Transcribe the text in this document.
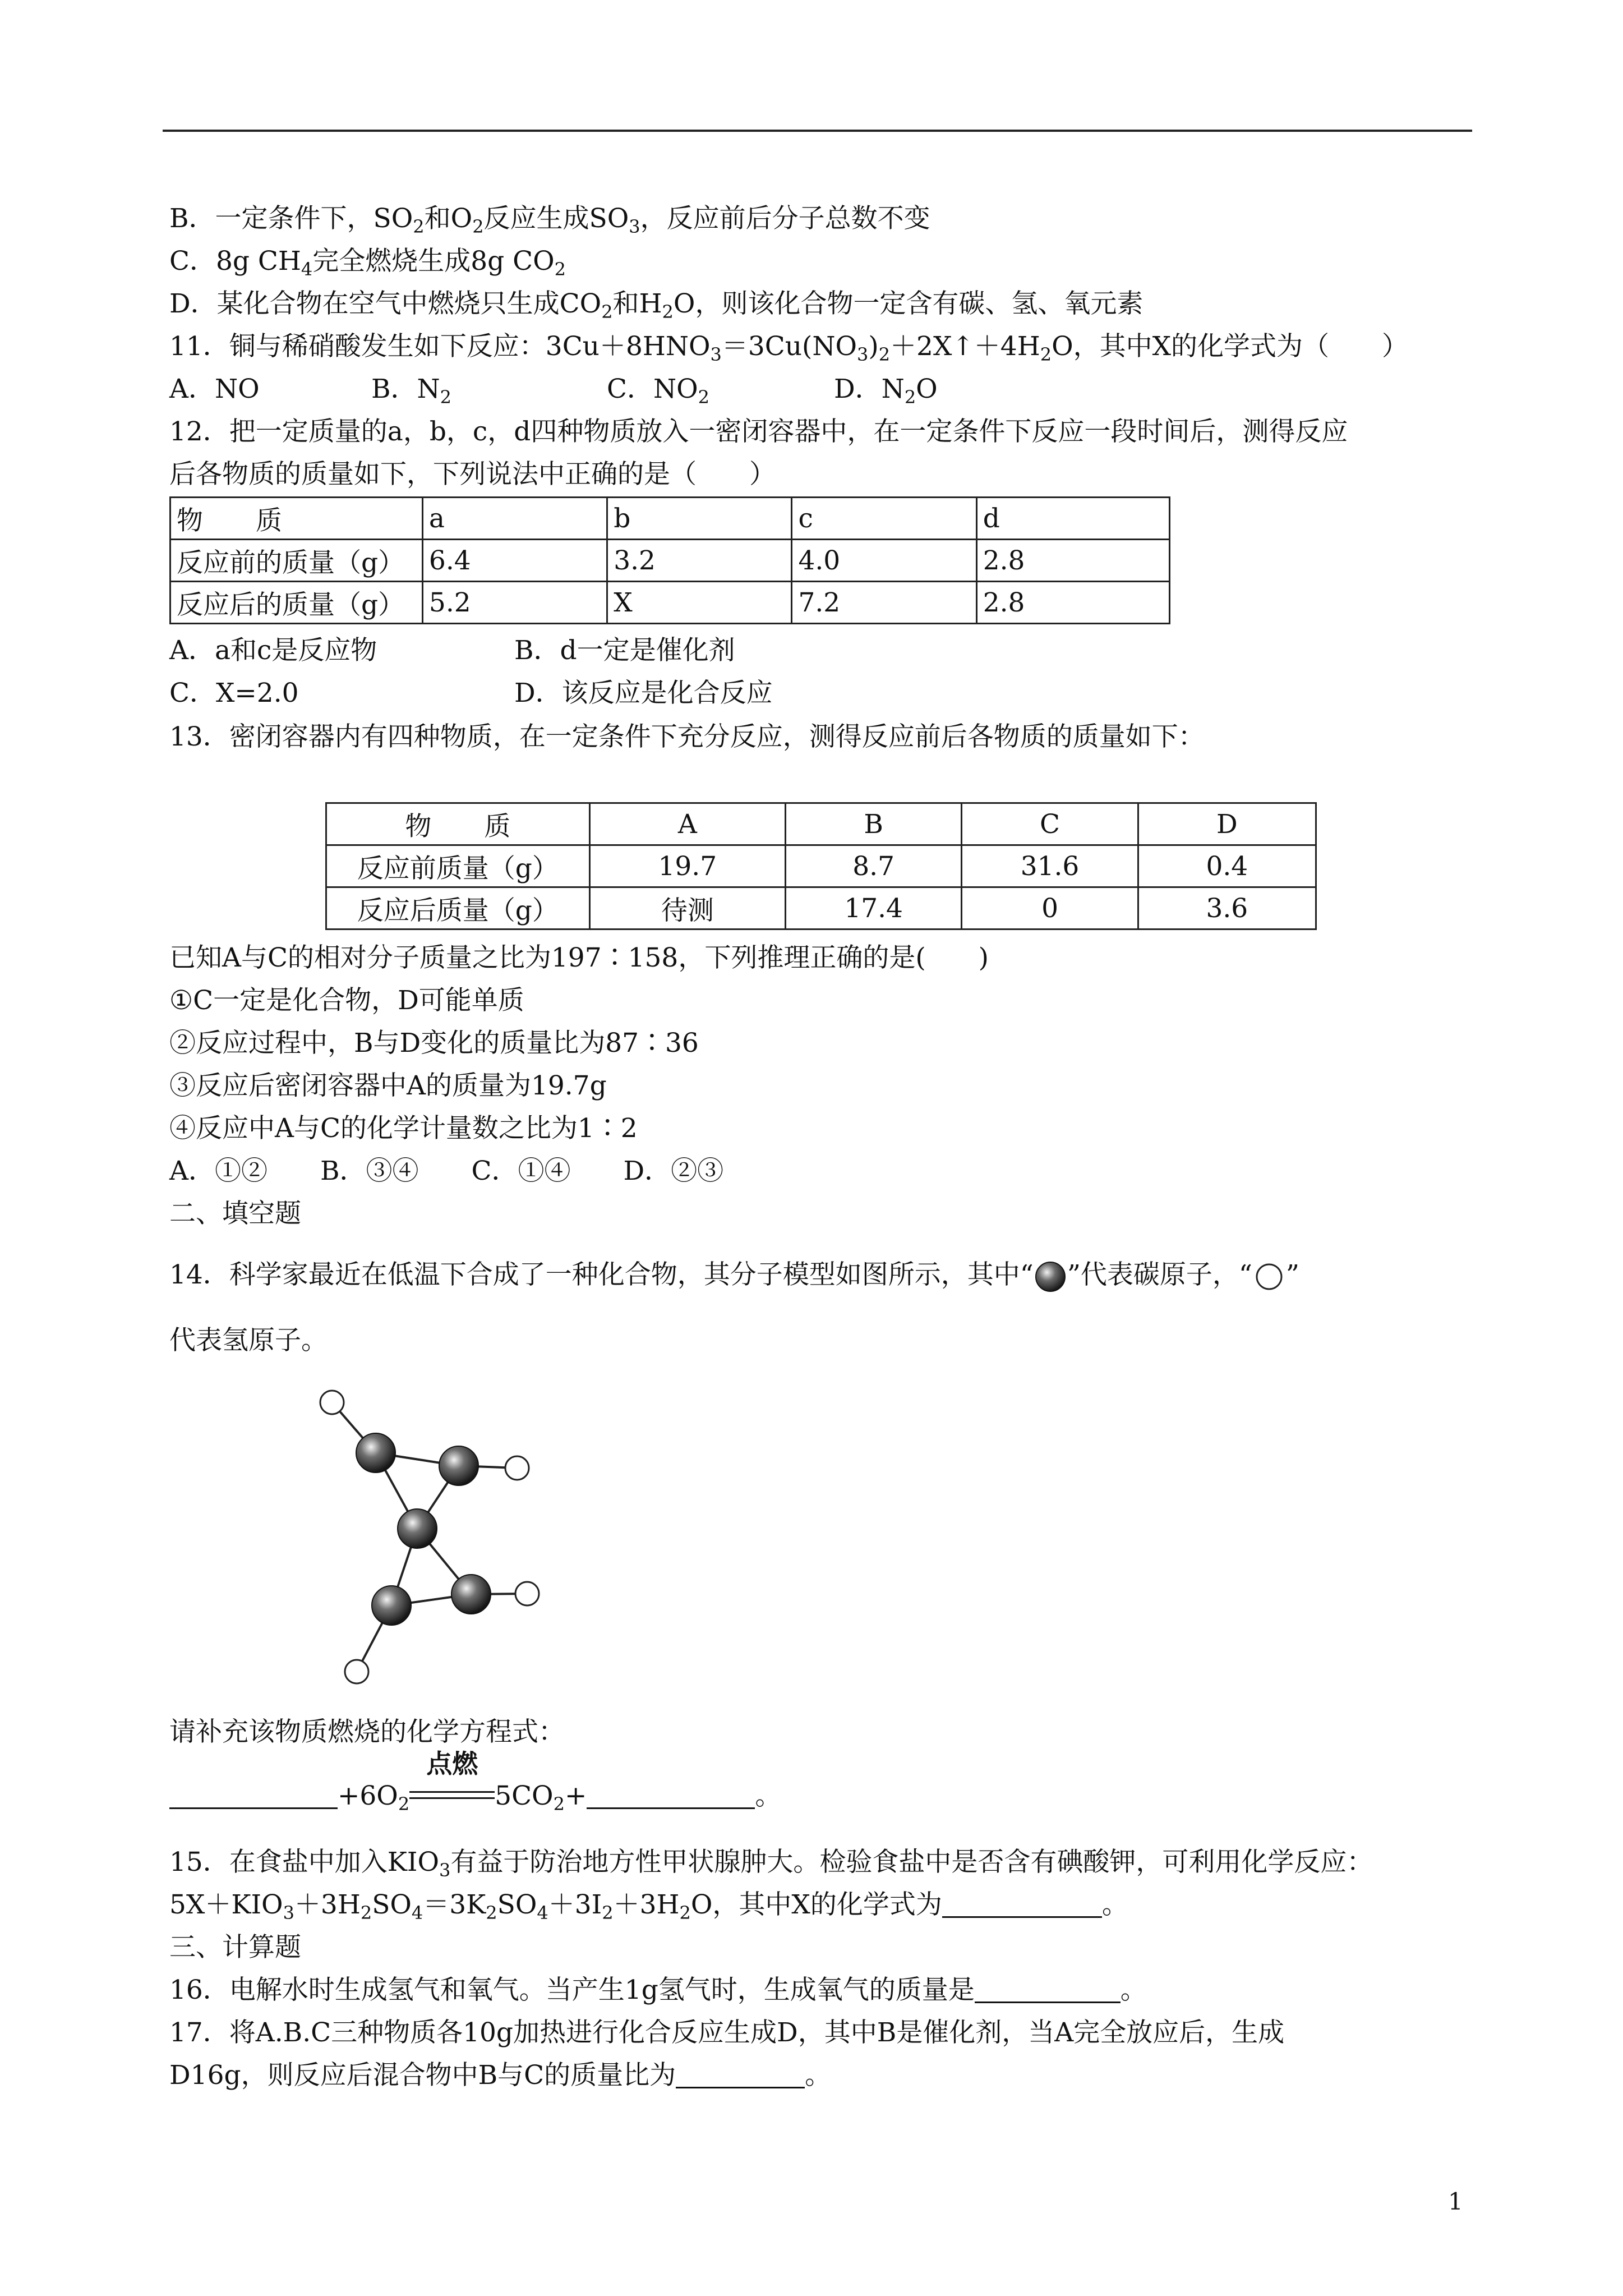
B．一定条件下，$SO_2$和$O_2$反应生成$SO_3$，反应前后分子总数不变
C．8g $CH_4$完全燃烧生成8g $CO_2$
D．某化合物在空气中燃烧只生成$CO_2$和$H_2O$，则该化合物一定含有碳、氢、氧元素
11．铜与稀硝酸发生如下反应：$3Cu+8HNO_3=3Cu(NO_3)_2+2X↑+4H_2O$，其中X的化学式为（　　）
A．NO	B．$N_2$	C．$NO_2$	D．$N_2O$
12．把一定质量的a，b，c，d四种物质放入一密闭容器中，在一定条件下反应一段时间后，测得反应
后各物质的质量如下，下列说法中正确的是（　　）
物　　质	a	b	c	d
反应前的质量（g）	6.4	3.2	4.0	2.8
反应后的质量（g）	5.2	X	7.2	2.8
A．a和c是反应物	B．d一定是催化剂
C．X=2.0	D．该反应是化合反应
13．密闭容器内有四种物质，在一定条件下充分反应，测得反应前后各物质的质量如下：
物　　质	A	B	C	D
反应前质量（g）	19.7	8.7	31.6	0.4
反应后质量（g）	待测	17.4	0	3.6
已知A与C的相对分子质量之比为197∶158，下列推理正确的是(　　)
①C一定是化合物，D可能单质
②反应过程中，B与D变化的质量比为87∶36
③反应后密闭容器中A的质量为19.7g
④反应中A与C的化学计量数之比为1∶2
A．①②　　B．③④　　C．①④　　D．②③
二、填空题
14．科学家最近在低温下合成了一种化合物，其分子模型如图所示，其中“ ”代表碳原子，“ ”
代表氢原子。
请补充该物质燃烧的化学方程式：
$+6O_2$
点燃
$5CO_2+$	。
15．在食盐中加入$KIO_3$有益于防治地方性甲状腺肿大。检验食盐中是否含有碘酸钾，可利用化学反应：
$5X+KIO_3+3H_2SO_4=3K_2SO_4+3I_2+3H_2O$，其中X的化学式为	。
三、计算题
16．电解水时生成氢气和氧气。当产生1g氢气时，生成氧气的质量是	。
17．将A.B.C三种物质各10g加热进行化合反应生成D，其中B是催化剂，当A完全放应后，生成
D16g，则反应后混合物中B与C的质量比为	。
1
